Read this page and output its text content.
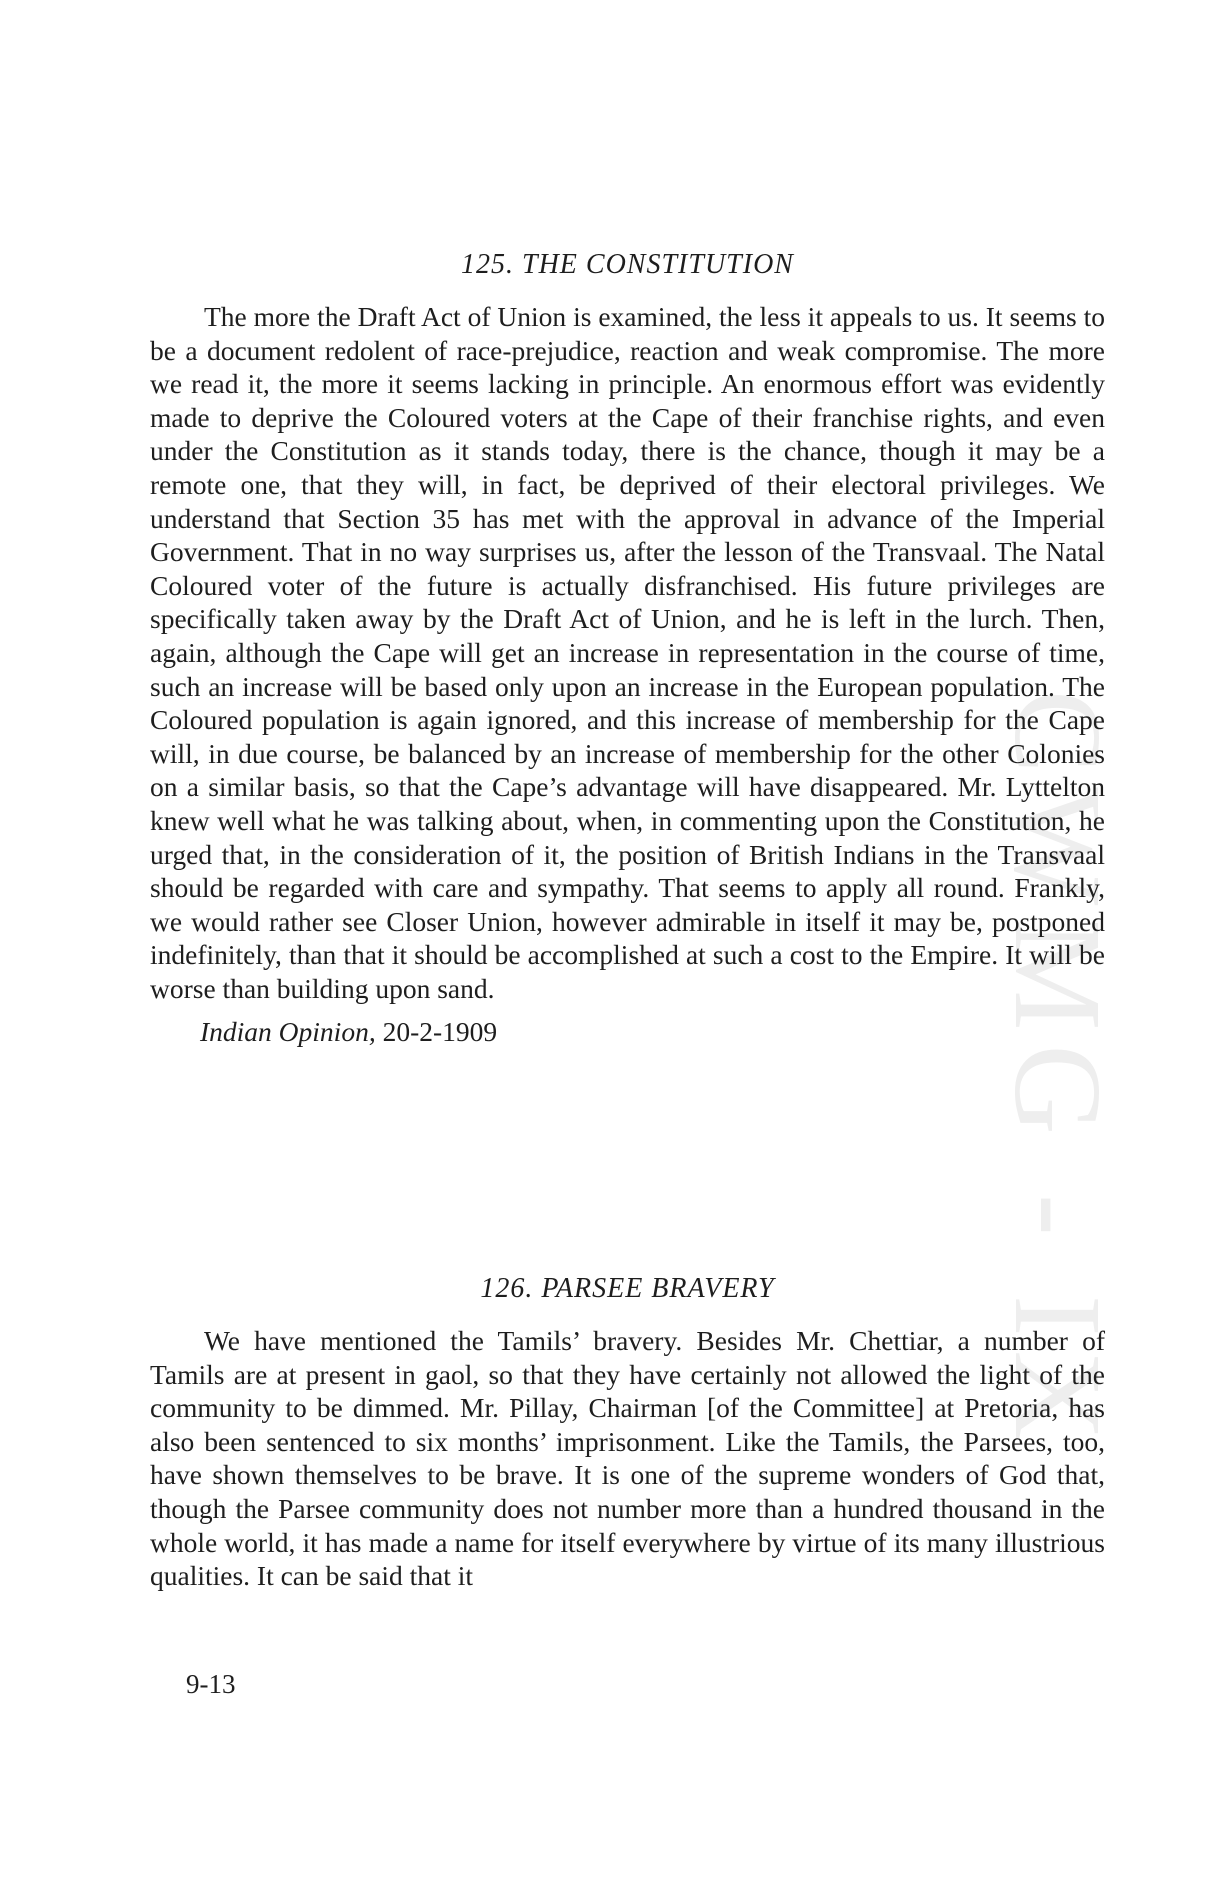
CWMG - IX
125. THE CONSTITUTION

The more the Draft Act of Union is examined, the less it appeals to us. It seems to be a document redolent of race-prejudice, reaction and weak compromise. The more we read it, the more it seems lacking in principle. An enormous effort was evidently made to deprive the Coloured voters at the Cape of their franchise rights, and even under the Constitution as it stands today, there is the chance, though it may be a remote one, that they will, in fact, be deprived of their electoral privileges. We understand that Section 35 has met with the approval in advance of the Imperial Government. That in no way surprises us, after the lesson of the Transvaal. The Natal Coloured voter of the future is actually disfranchised. His future privileges are specifically taken away by the Draft Act of Union, and he is left in the lurch. Then, again, although the Cape will get an increase in representation in the course of time, such an increase will be based only upon an increase in the European population. The Coloured population is again ignored, and this increase of membership for the Cape will, in due course, be balanced by an increase of membership for the other Colonies on a similar basis, so that the Cape’s advantage will have disappeared. Mr. Lyttelton knew well what he was talking about, when, in commenting upon the Constitution, he urged that, in the consideration of it, the position of British Indians in the Transvaal should be regarded with care and sympathy. That seems to apply all round. Frankly, we would rather see Closer Union, however admirable in itself it may be, postponed indefinitely, than that it should be accomplished at such a cost to the Empire. It will be worse than building upon sand.

Indian Opinion, 20-2-1909

126. PARSEE BRAVERY

We have mentioned the Tamils’ bravery. Besides Mr. Chettiar, a number of Tamils are at present in gaol, so that they have certainly not allowed the light of the community to be dimmed. Mr. Pillay, Chairman [of the Committee] at Pretoria, has also been sentenced to six months’ imprisonment. Like the Tamils, the Parsees, too, have shown themselves to be brave. It is one of the supreme wonders of God that, though the Parsee community does not number more than a hundred thousand in the whole world, it has made a name for itself everywhere by virtue of its many illustrious qualities. It can be said that it

9-13
